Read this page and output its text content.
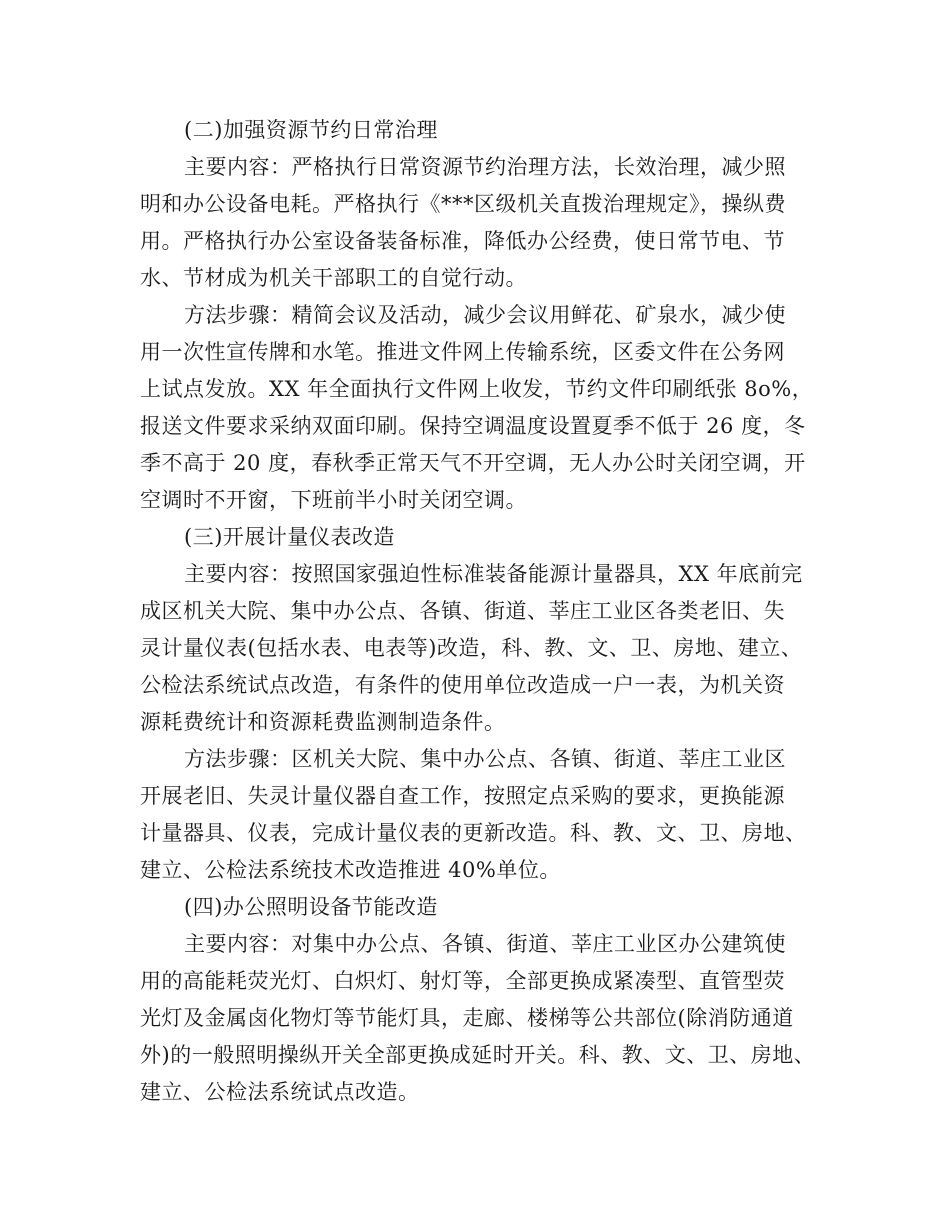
(二)加强资源节约日常治理
主要内容：严格执行日常资源节约治理方法，长效治理，减少照
明和办公设备电耗。严格执行《***区级机关直拨治理规定》，操纵费
用。严格执行办公室设备装备标准，降低办公经费，使日常节电、节
水、节材成为机关干部职工的自觉行动。
方法步骤：精简会议及活动，减少会议用鲜花、矿泉水，减少使
用一次性宣传牌和水笔。推进文件网上传输系统，区委文件在公务网
上试点发放。XX 年全面执行文件网上收发，节约文件印刷纸张 8o%，
报送文件要求采纳双面印刷。保持空调温度设置夏季不低于 26 度，冬
季不高于 20 度，春秋季正常天气不开空调，无人办公时关闭空调，开
空调时不开窗，下班前半小时关闭空调。
(三)开展计量仪表改造
主要内容：按照国家强迫性标准装备能源计量器具，XX 年底前完
成区机关大院、集中办公点、各镇、街道、莘庄工业区各类老旧、失
灵计量仪表(包括水表、电表等)改造，科、教、文、卫、房地、建立、
公检法系统试点改造，有条件的使用单位改造成一户一表，为机关资
源耗费统计和资源耗费监测制造条件。
方法步骤：区机关大院、集中办公点、各镇、街道、莘庄工业区
开展老旧、失灵计量仪器自查工作，按照定点采购的要求，更换能源
计量器具、仪表，完成计量仪表的更新改造。科、教、文、卫、房地、
建立、公检法系统技术改造推进 40%单位。
(四)办公照明设备节能改造
主要内容：对集中办公点、各镇、街道、莘庄工业区办公建筑使
用的高能耗荧光灯、白炽灯、射灯等，全部更换成紧凑型、直管型荧
光灯及金属卤化物灯等节能灯具，走廊、楼梯等公共部位(除消防通道
外)的一般照明操纵开关全部更换成延时开关。科、教、文、卫、房地、
建立、公检法系统试点改造。
